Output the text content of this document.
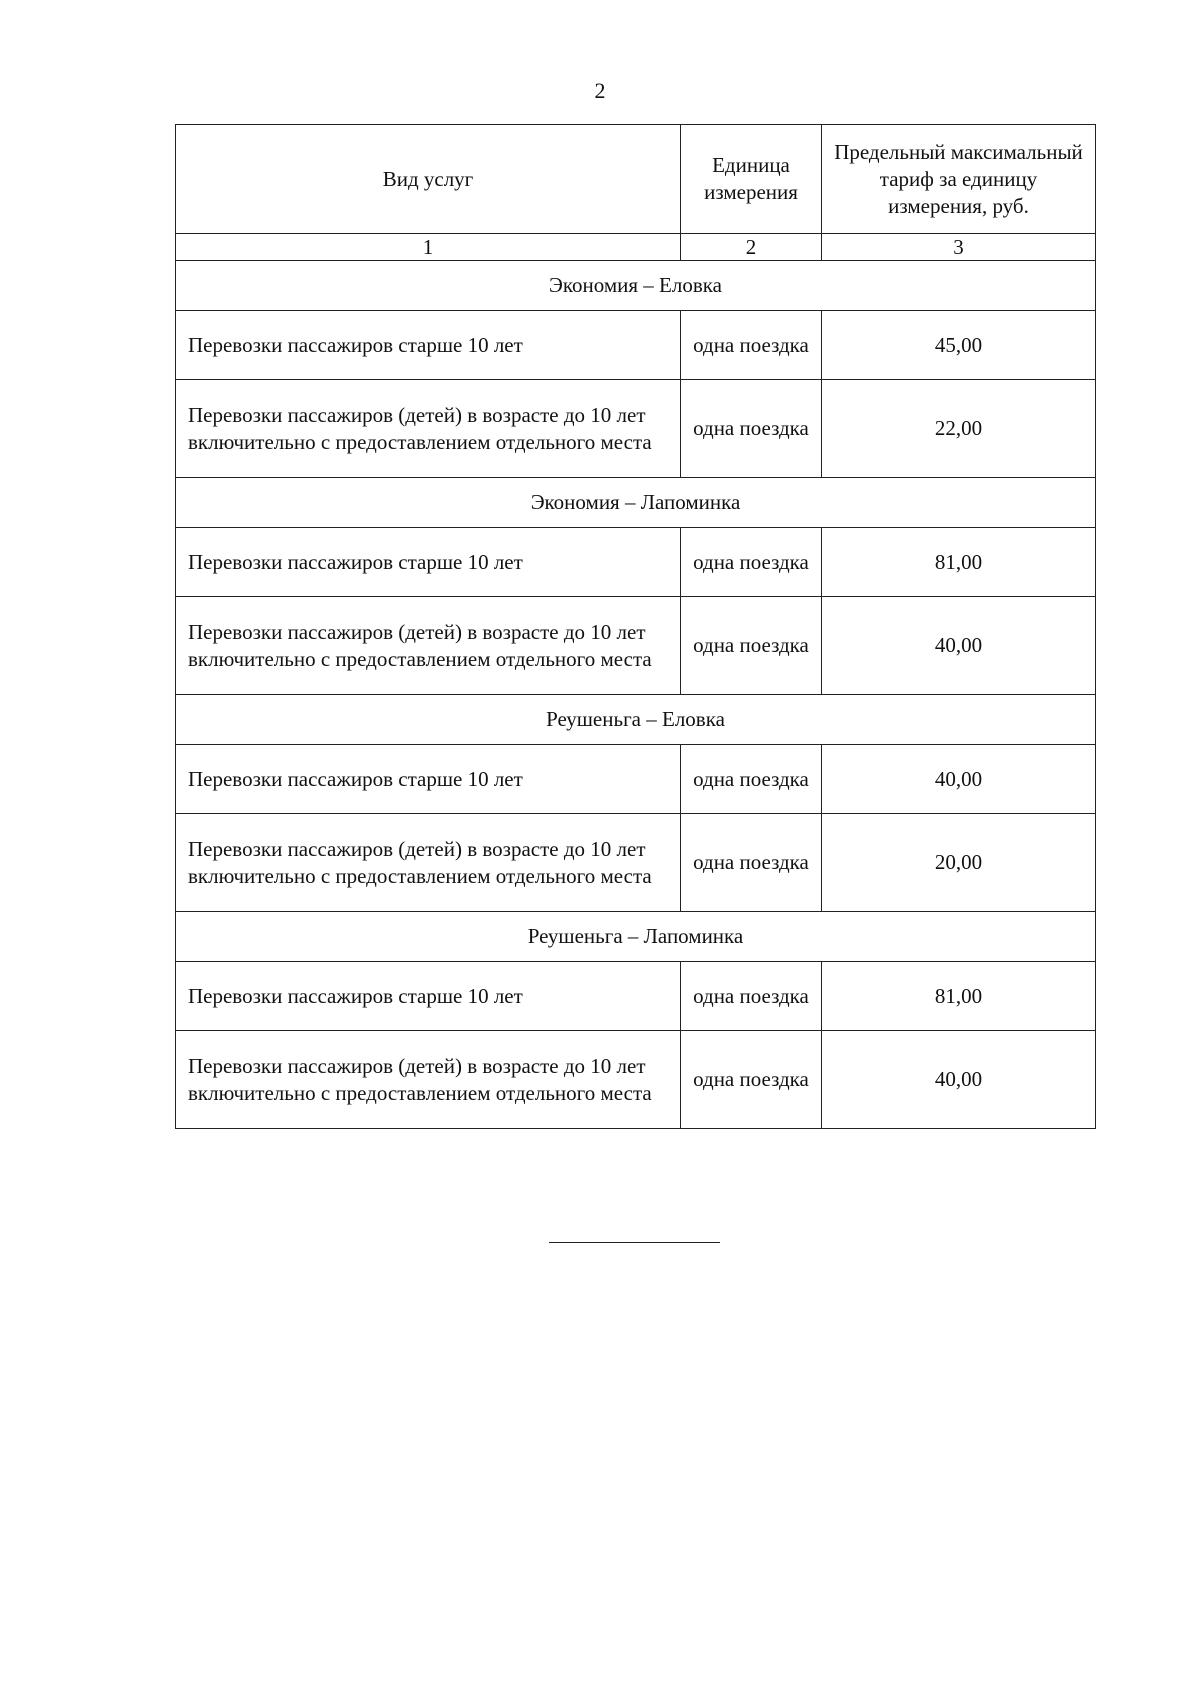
2
Вид услуг	Единица измерения	Предельный максимальный тариф за единицу измерения, руб.
1	2	3
Экономия – Еловка		
Перевозки пассажиров старше 10 лет	одна поездка	45,00
Перевозки пассажиров (детей) в возрасте до 10 лет включительно с предоставлением отдельного места	одна поездка	22,00
Экономия – Лапоминка		
Перевозки пассажиров старше 10 лет	одна поездка	81,00
Перевозки пассажиров (детей) в возрасте до 10 лет включительно с предоставлением отдельного места	одна поездка	40,00
Реушеньга – Еловка		
Перевозки пассажиров старше 10 лет	одна поездка	40,00
Перевозки пассажиров (детей) в возрасте до 10 лет включительно с предоставлением отдельного места	одна поездка	20,00
Реушеньга – Лапоминка		
Перевозки пассажиров старше 10 лет	одна поездка	81,00
Перевозки пассажиров (детей) в возрасте до 10 лет включительно с предоставлением отдельного места	одна поездка	40,00
